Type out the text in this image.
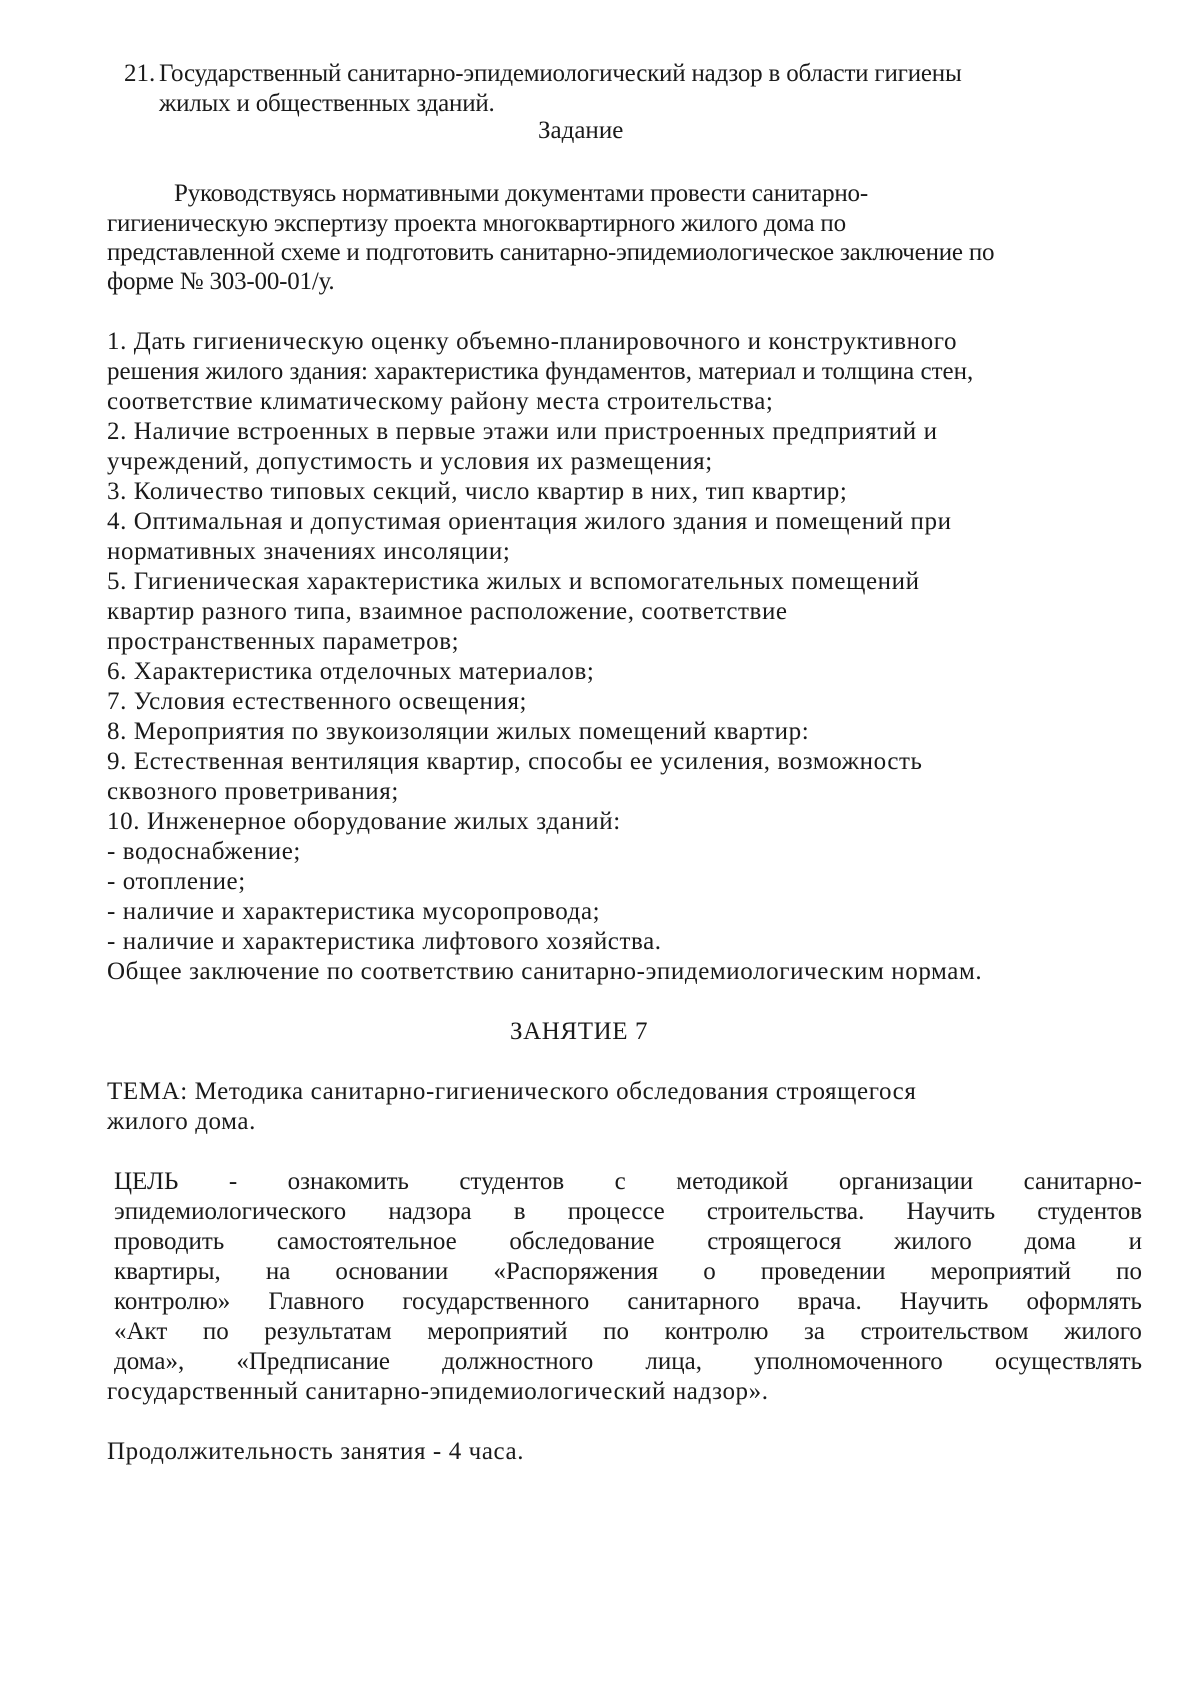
21. Государственный санитарно-эпидемиологический надзор в области гигиены
жилых и общественных зданий.
Задание
Руководствуясь нормативными документами провести санитарно-
гигиеническую экспертизу проекта многоквартирного жилого дома по
представленной схеме и подготовить санитарно-эпидемиологическое заключение по
форме № 303-00-01/у.
1. Дать гигиеническую оценку объемно-планировочного и конструктивного
решения жилого здания: характеристика фундаментов, материал и толщина стен,
соответствие климатическому району места строительства;
2. Наличие встроенных в первые этажи или пристроенных предприятий и
учреждений, допустимость и условия их размещения;
3. Количество типовых секций, число квартир в них, тип квартир;
4. Оптимальная и допустимая ориентация жилого здания и помещений при
нормативных значениях инсоляции;
5. Гигиеническая характеристика жилых и вспомогательных помещений
квартир разного типа, взаимное расположение, соответствие
пространственных параметров;
6. Характеристика отделочных материалов;
7. Условия естественного освещения;
8. Мероприятия по звукоизоляции жилых помещений квартир:
9. Естественная вентиляция квартир, способы ее усиления, возможность
сквозного проветривания;
10. Инженерное оборудование жилых зданий:
- водоснабжение;
- отопление;
- наличие и характеристика мусоропровода;
- наличие и характеристика лифтового хозяйства.
Общее заключение по соответствию санитарно-эпидемиологическим нормам.
ЗАНЯТИЕ 7
ТЕМА: Методика санитарно-гигиенического обследования строящегося
жилого дома.
ЦЕЛЬ - ознакомить студентов с методикой организации санитарно-
эпидемиологического надзора в процессе строительства. Научить студентов
проводить самостоятельное обследование строящегося жилого дома и
квартиры, на основании «Распоряжения о проведении мероприятий по
контролю» Главного государственного санитарного врача. Научить оформлять
«Акт по результатам мероприятий по контролю за строительством жилого
дома», «Предписание должностного лица, уполномоченного осуществлять
государственный санитарно-эпидемиологический надзор».
Продолжительность занятия - 4 часа.
